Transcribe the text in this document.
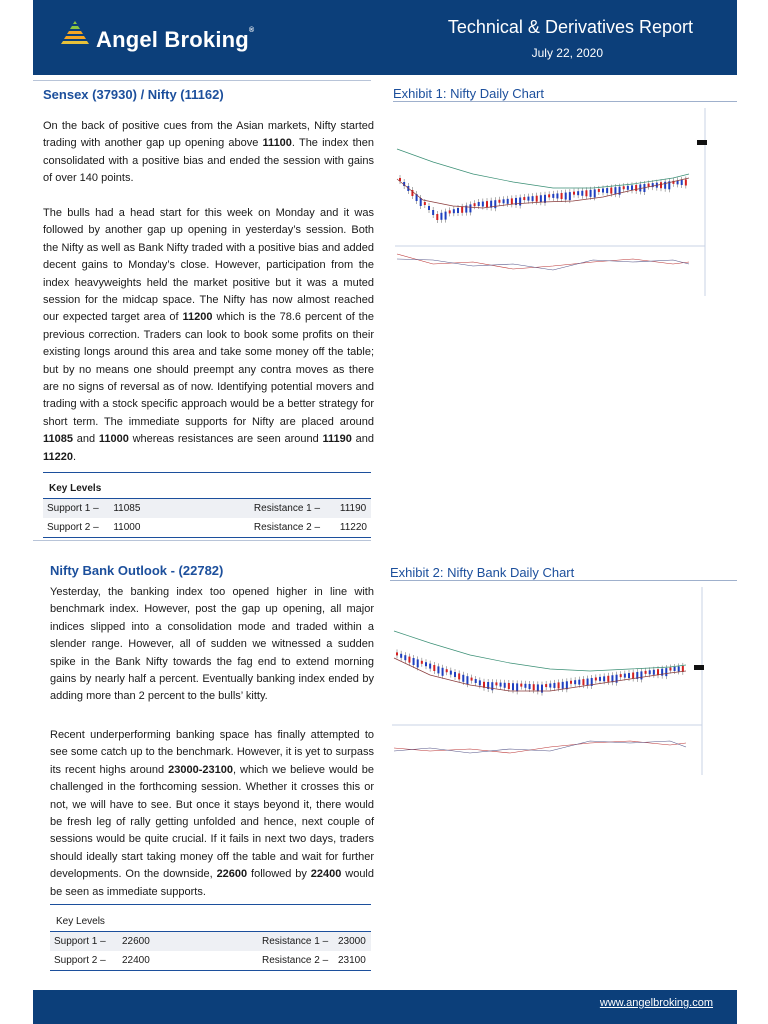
Angel Broking®	Technical & Derivatives Report
July 22, 2020
Sensex (37930) / Nifty (11162)
On the back of positive cues from the Asian markets, Nifty started trading with another gap up opening above 11100. The index then consolidated with a positive bias and ended the session with gains of over 140 points.
The bulls had a head start for this week on Monday and it was followed by another gap up opening in yesterday’s session. Both the Nifty as well as Bank Nifty traded with a positive bias and added decent gains to Monday’s close. However, participation from the index heavyweights held the market positive but it was a muted session for the midcap space. The Nifty has now almost reached our expected target area of 11200 which is the 78.6 percent of the previous correction. Traders can look to book some profits on their existing longs around this area and take some money off the table; but by no means one should preempt any contra moves as there are no signs of reversal as of now. Identifying potential movers and trading with a stock specific approach would be a better strategy for short term. The immediate supports for Nifty are placed around 11085 and 11000 whereas resistances are seen around 11190 and 11220.
Key Levels
Support 1 –	11085	Resistance 1 –	11190
Support 2 –	11000	Resistance 2 –	11220
Exhibit 1: Nifty Daily Chart
Nifty Bank Outlook - (22782)
Yesterday, the banking index too opened higher in line with benchmark index. However, post the gap up opening, all major indices slipped into a consolidation mode and traded within a slender range. However, all of sudden we witnessed a sudden spike in the Bank Nifty towards the fag end to extend morning gains by nearly half a percent. Eventually banking index ended by adding more than 2 percent to the bulls’ kitty.
Recent underperforming banking space has finally attempted to see some catch up to the benchmark. However, it is yet to surpass its recent highs around 23000-23100, which we believe would be challenged in the forthcoming session. Whether it crosses this or not, we will have to see. But once it stays beyond it, there would be fresh leg of rally getting unfolded and hence, next couple of sessions would be quite crucial. If it fails in next two days, traders should ideally start taking money off the table and wait for further developments. On the downside, 22600 followed by 22400 would be seen as immediate supports.
Key Levels
Support 1 –	22600	Resistance 1 –	23000
Support 2 –	22400	Resistance 2 –	23100
Exhibit 2: Nifty Bank Daily Chart
www.angelbroking.com
